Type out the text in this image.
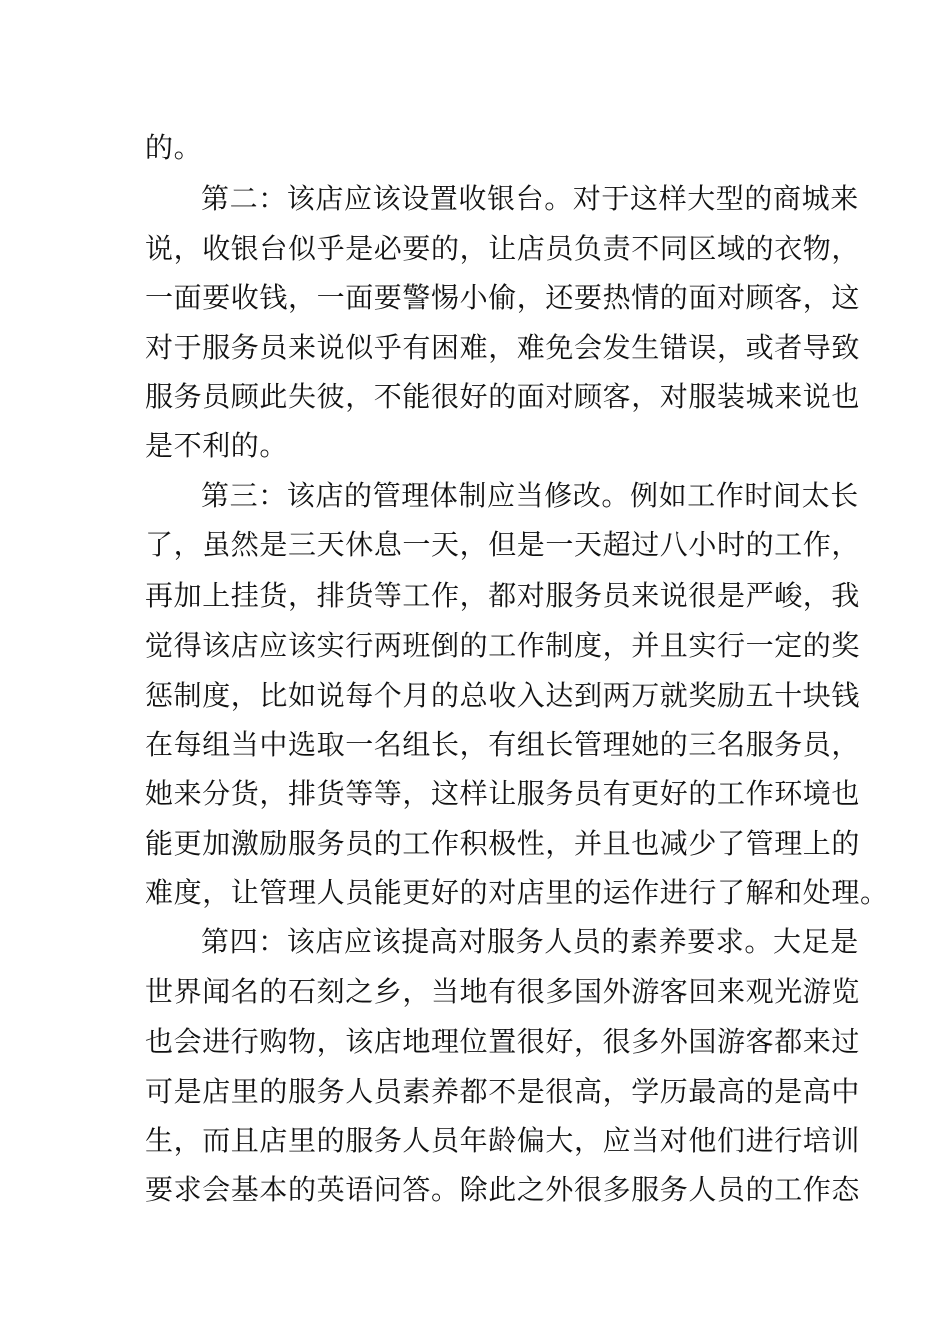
的。
第二：该店应该设置收银台。对于这样大型的商城来
说，收银台似乎是必要的，让店员负责不同区域的衣物，
一面要收钱，一面要警惕小偷，还要热情的面对顾客，这
对于服务员来说似乎有困难，难免会发生错误，或者导致
服务员顾此失彼，不能很好的面对顾客，对服装城来说也
是不利的。
第三：该店的管理体制应当修改。例如工作时间太长
了，虽然是三天休息一天，但是一天超过八小时的工作，
再加上挂货，排货等工作，都对服务员来说很是严峻，我
觉得该店应该实行两班倒的工作制度，并且实行一定的奖
惩制度，比如说每个月的总收入达到两万就奖励五十块钱
在每组当中选取一名组长，有组长管理她的三名服务员，
她来分货，排货等等，这样让服务员有更好的工作环境也
能更加激励服务员的工作积极性，并且也减少了管理上的
难度，让管理人员能更好的对店里的运作进行了解和处理。
第四：该店应该提高对服务人员的素养要求。大足是
世界闻名的石刻之乡，当地有很多国外游客回来观光游览
也会进行购物，该店地理位置很好，很多外国游客都来过
可是店里的服务人员素养都不是很高，学历最高的是高中
生，而且店里的服务人员年龄偏大，应当对他们进行培训
要求会基本的英语问答。除此之外很多服务人员的工作态
